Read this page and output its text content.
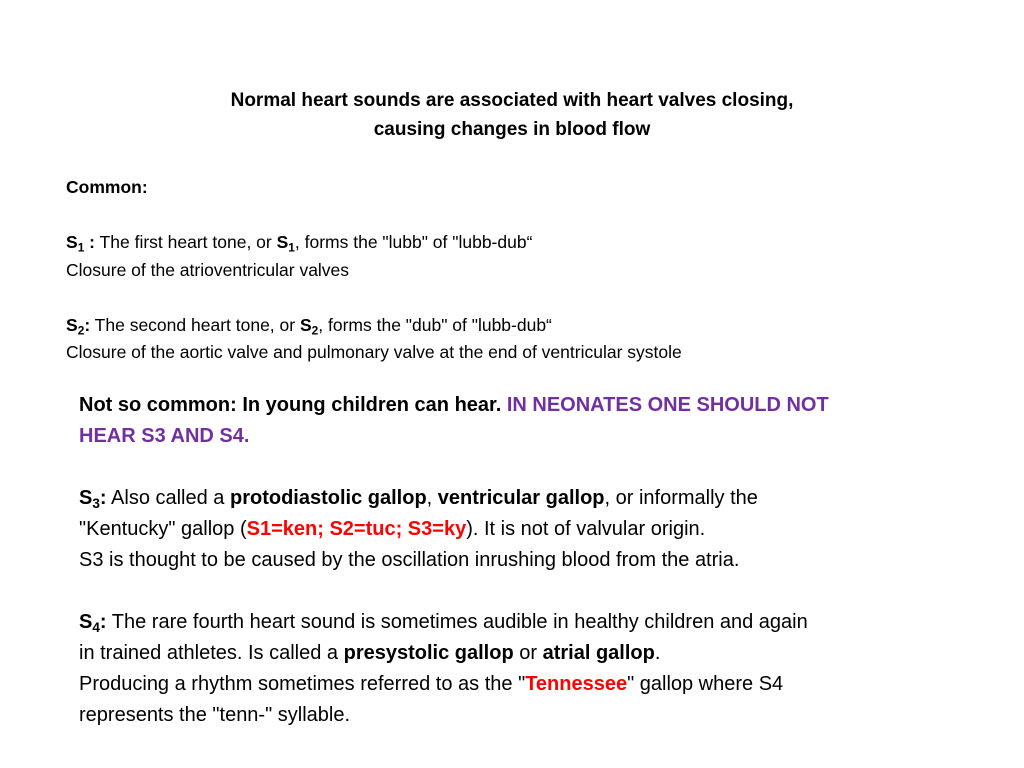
Normal heart sounds are associated with heart valves closing,
causing changes in blood flow
Common:
$S_1$ : The first heart tone, or $S_1$, forms the "lubb" of "lubb-dub“
Closure of the atrioventricular valves
$S_2$: The second heart tone, or $S_2$, forms the "dub" of "lubb-dub“
Closure of the aortic valve and pulmonary valve at the end of ventricular systole
Not so common: In young children can hear. IN NEONATES ONE SHOULD NOT
HEAR S3 AND S4.
$S_3$: Also called a protodiastolic gallop, ventricular gallop, or informally the
"Kentucky" gallop (S1=ken; S2=tuc; S3=ky). It is not of valvular origin.
S3 is thought to be caused by the oscillation inrushing blood from the atria.
$S_4$: The rare fourth heart sound is sometimes audible in healthy children and again
in trained athletes. Is called a presystolic gallop or atrial gallop.
Producing a rhythm sometimes referred to as the "Tennessee" gallop where S4
represents the "tenn-" syllable.
